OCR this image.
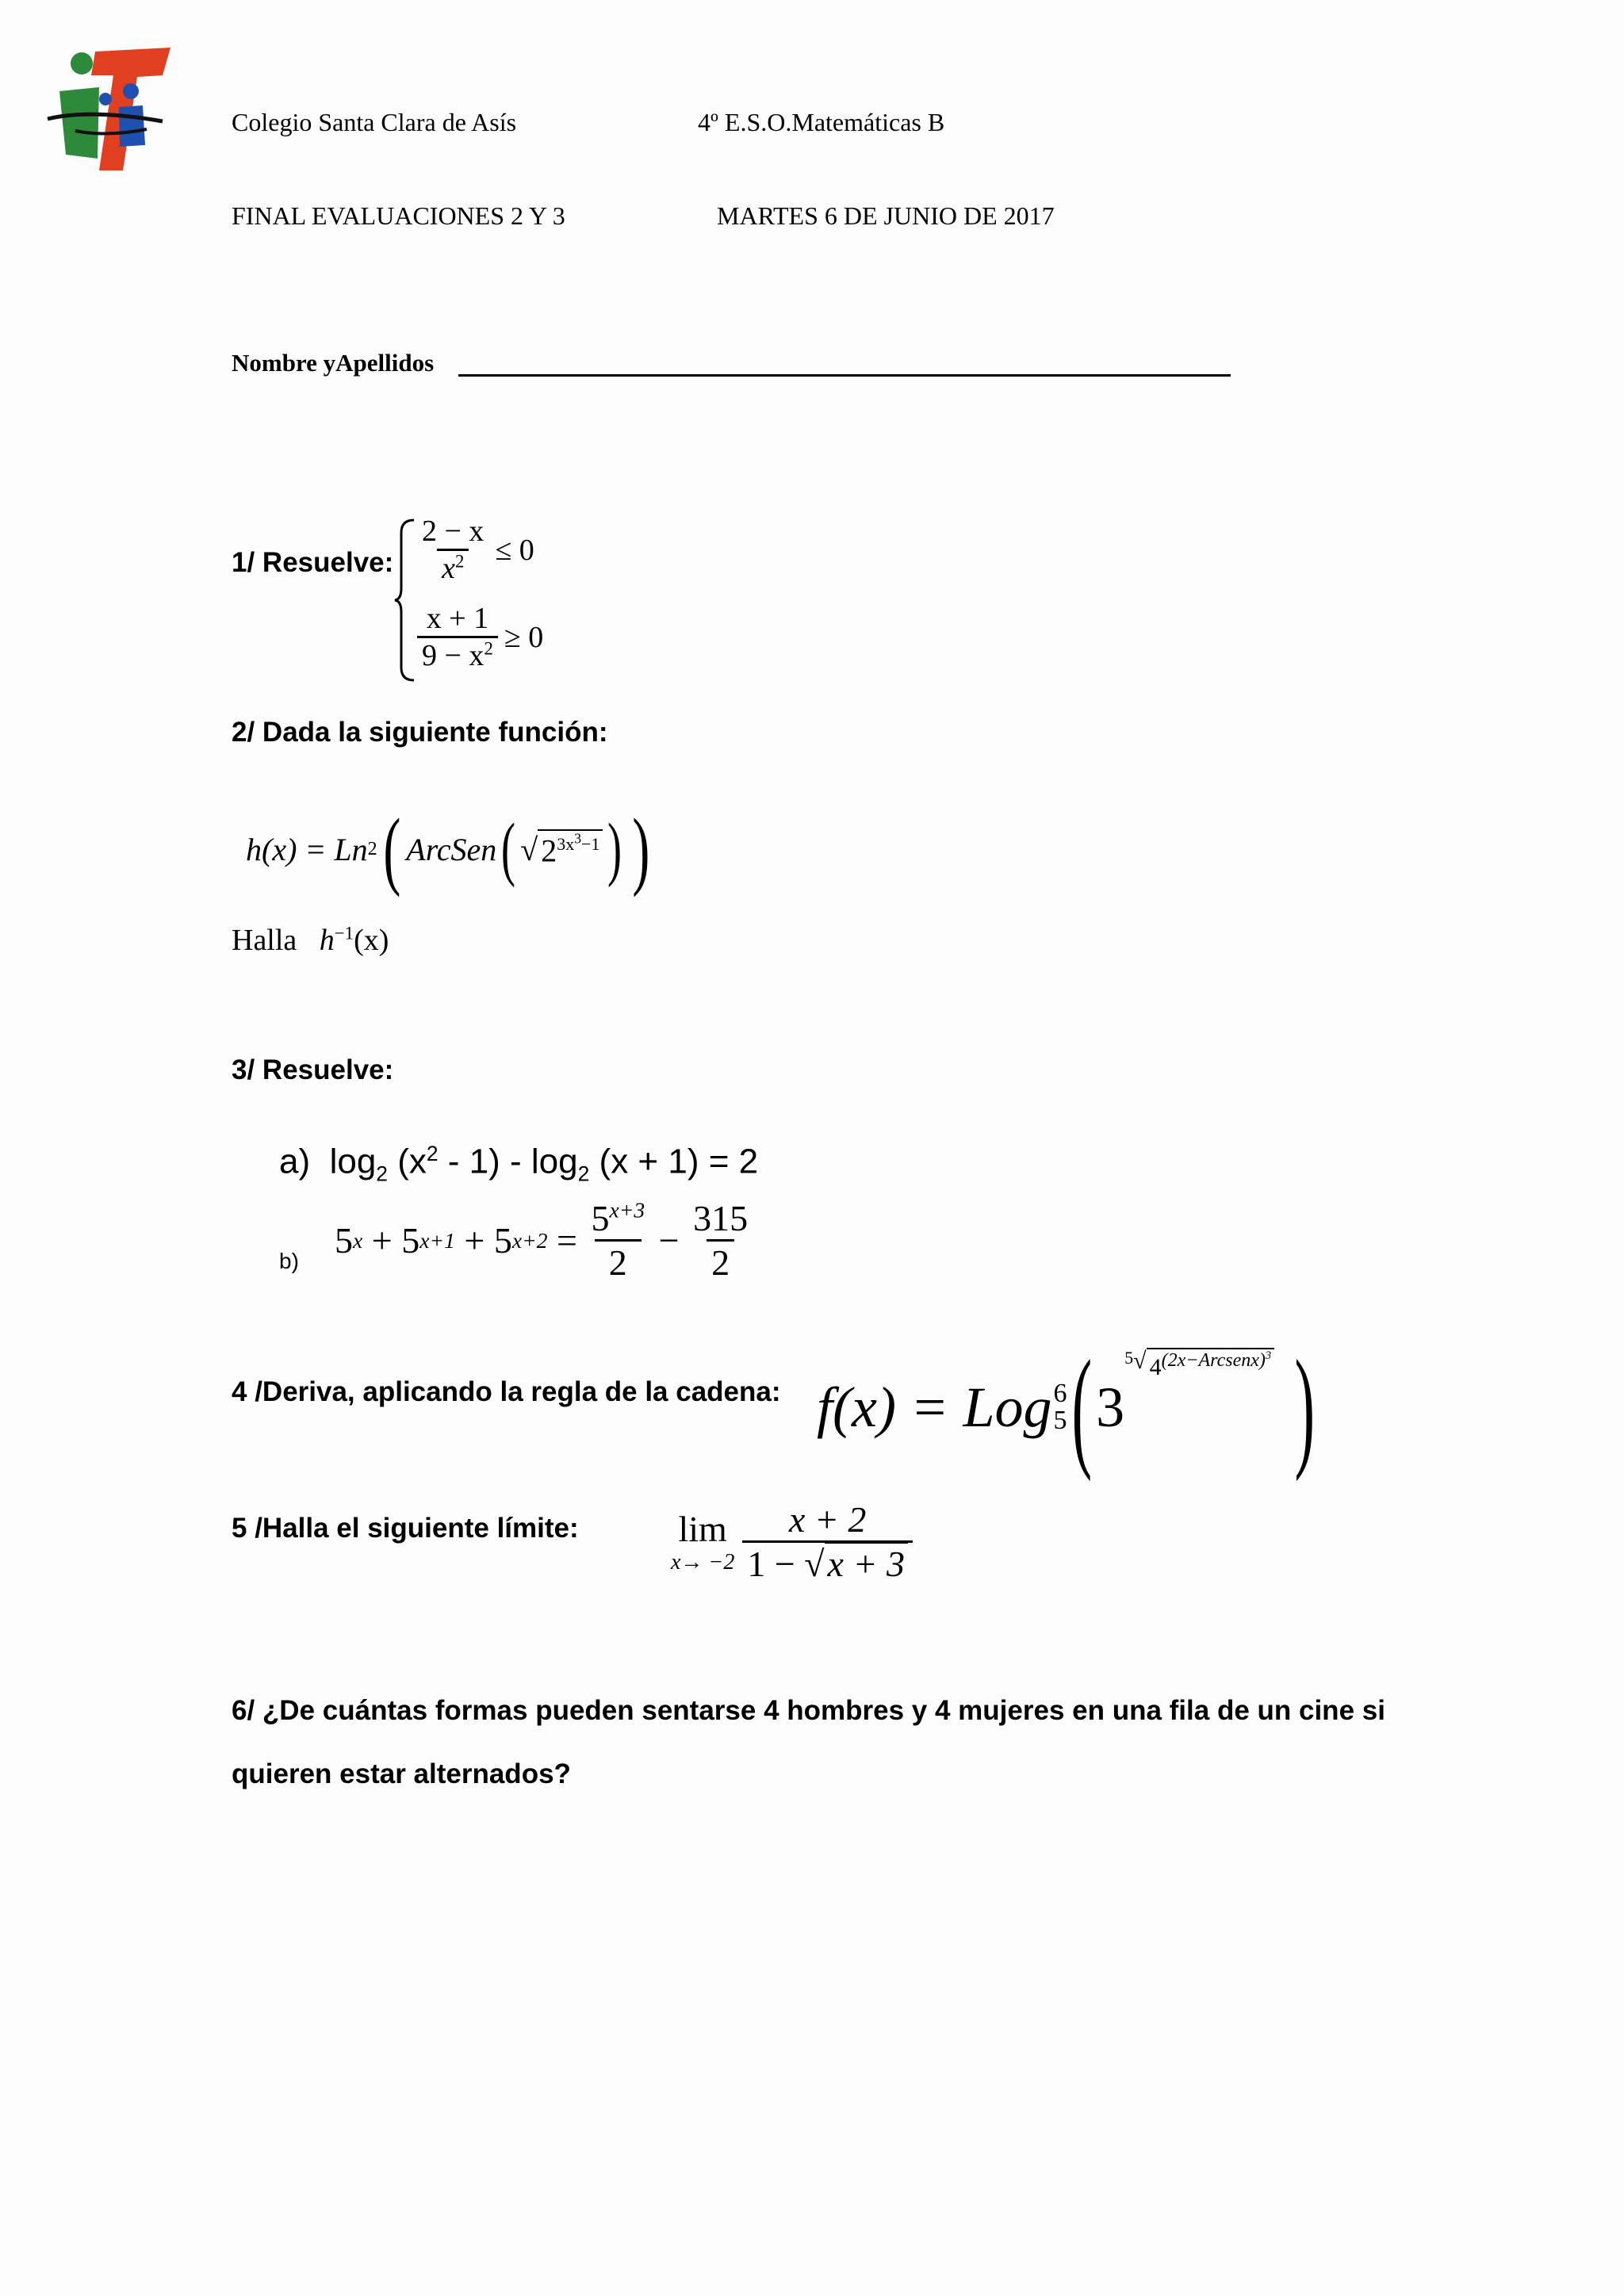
Colegio Santa Clara de Asís	4º E.S.O.Matemáticas B
FINAL EVALUACIONES 2 Y 3	MARTES 6 DE JUNIO DE 2017
Nombre yApellidos
1/ Resuelve: $\frac{2 - x}{x^2} \le 0$
$\frac{x + 1}{9 - x^2} \ge 0$
2/ Dada la siguiente función:
h(x) = Ln 2 ( ArcSen ( √ $2^{3x^3-1}$ ) )
Halla $h^{-1}(x)$
3/ Resuelve:
a) $\log_2 (x^2 - 1) - \log_2 (x + 1) = 2$
b)
5 x + 5 x+1 + 5 $x+2 = \frac{5^{x+3}}{2} - \frac{315}{2}$
4 /Deriva, aplicando la regla de la cadena: f(x) = Log 6
5 ( 3
5 √ $4^{(2x-Arcsenx)^3}$ )
5 /Halla el siguiente límite:	lim
$x\to -2 \frac{x + 2}{1 - √x + 3}$
6/ ¿De cuántas formas pueden sentarse 4 hombres y 4 mujeres en una fila de un cine si
quieren estar alternados?
